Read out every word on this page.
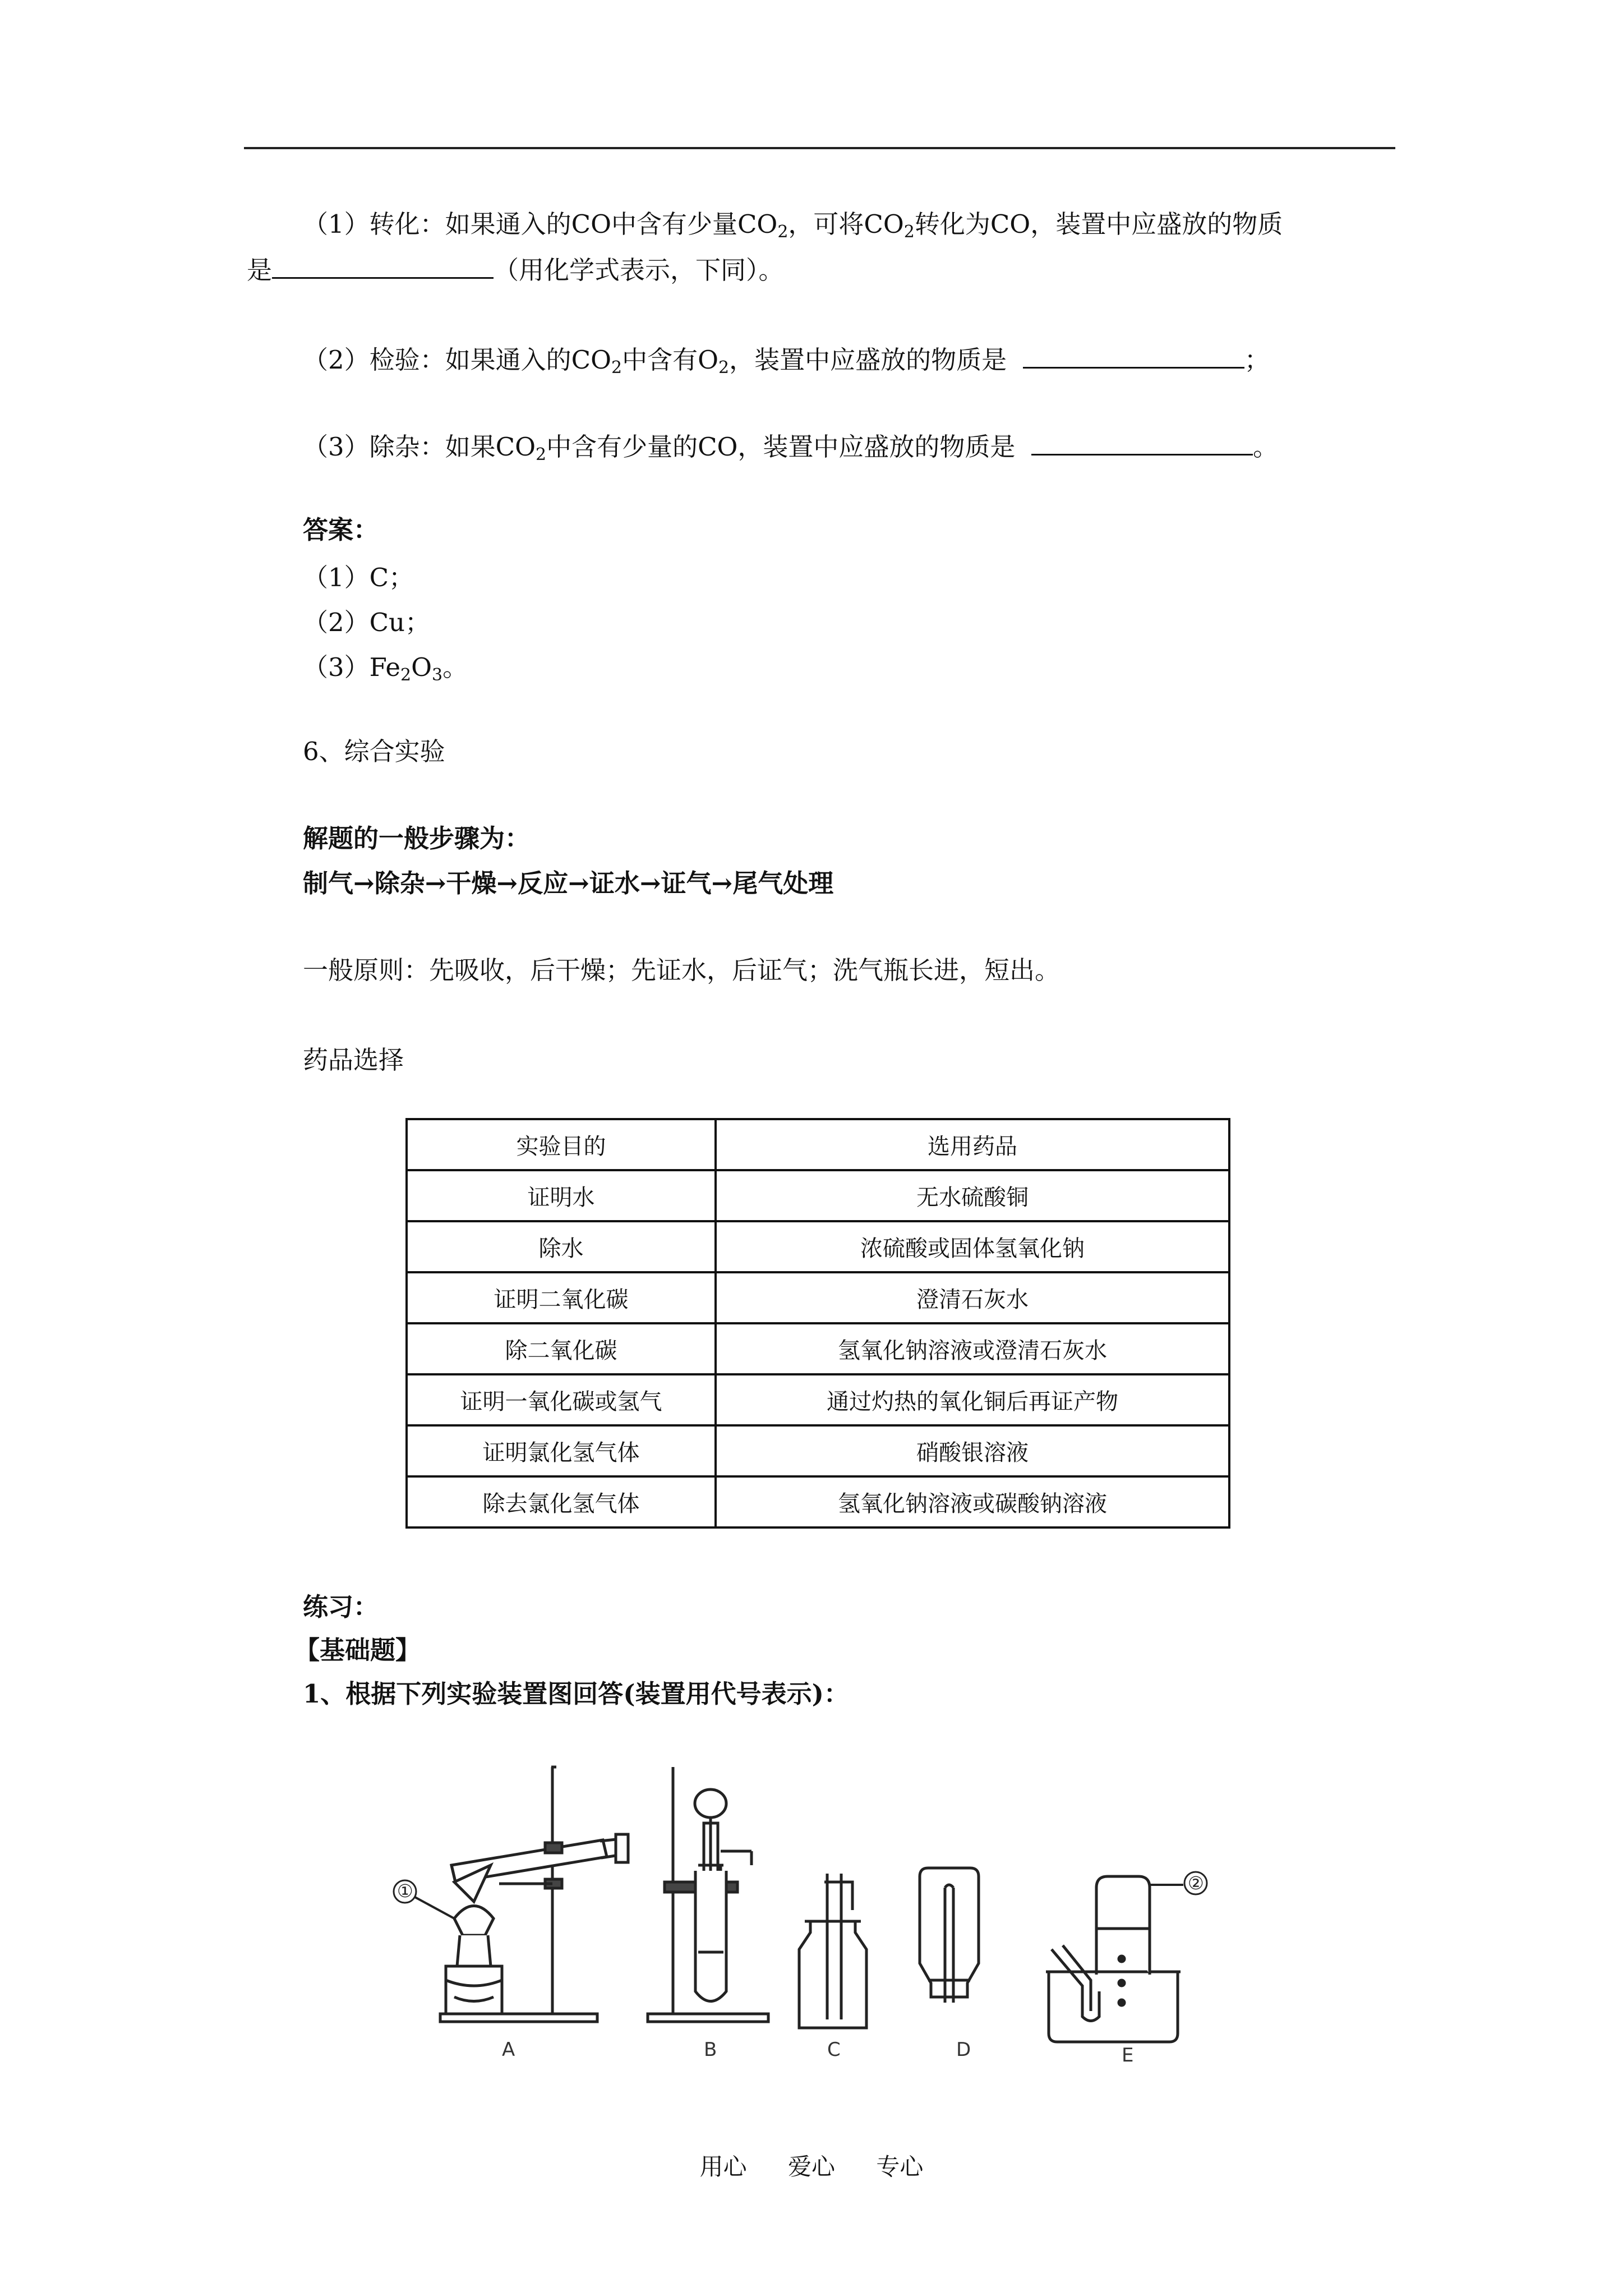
（1）转化：如果通入的CO中含有少量$CO_2$，可将$CO_2$转化为CO，装置中应盛放的物质
是	（用化学式表示，下同）。
（2）检验：如果通入的$CO_2$中含有$O_2$，装置中应盛放的物质是	；
（3）除杂：如果$CO_2$中含有少量的CO，装置中应盛放的物质是	。
答案：
（1）C；
（2）Cu；
$(3)Fe_2O_3$。
6、综合实验
解题的一般步骤为：
制气→除杂→干燥→反应→证水→证气→尾气处理
一般原则：先吸收，后干燥；先证水，后证气；洗气瓶长进，短出。
药品选择
实验目的	选用药品
证明水	无水硫酸铜
除水	浓硫酸或固体氢氧化钠
证明二氧化碳	澄清石灰水
除二氧化碳	氢氧化钠溶液或澄清石灰水
证明一氧化碳或氢气	通过灼热的氧化铜后再证产物
证明氯化氢气体	硝酸银溶液
除去氯化氢气体	氢氧化钠溶液或碳酸钠溶液
练习：
【基础题】
1、根据下列实验装置图回答(装置用代号表示)：
①	②
A	B	C	D	E
用心 爱心 专心
